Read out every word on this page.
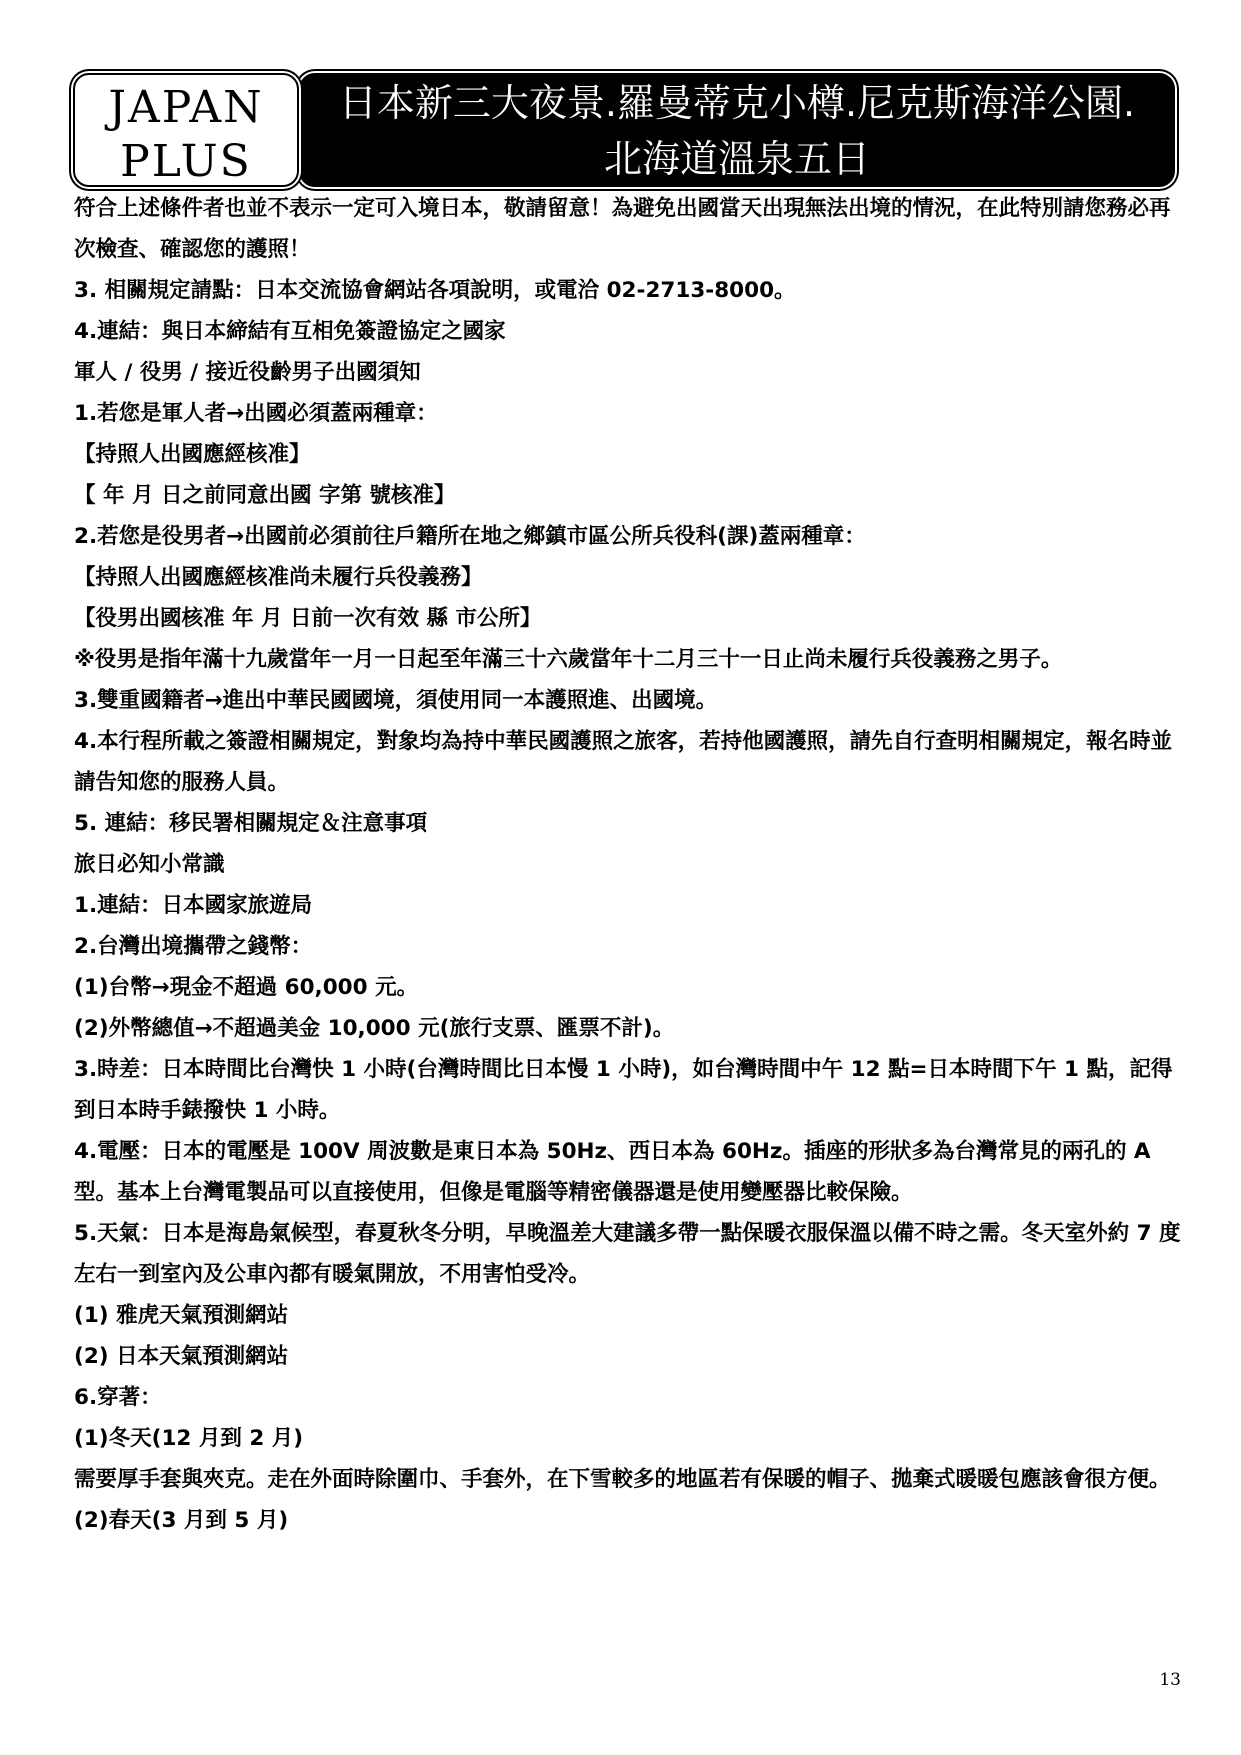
JAPAN
PLUS
日本新三大夜景.羅曼蒂克小樽.尼克斯海洋公園.
北海道溫泉五日

符合上述條件者也並不表示一定可入境日本，敬請留意！為避免出國當天出現無法出境的情況，在此特別請您務必再次檢查、確認您的護照！

3. 相關規定請點：日本交流協會網站各項說明，或電洽 02-2713-8000。

4.連結：與日本締結有互相免簽證協定之國家

軍人 / 役男 / 接近役齡男子出國須知

1.若您是軍人者→出國必須蓋兩種章：

【持照人出國應經核准】

【 年 月 日之前同意出國 字第 號核准】

2.若您是役男者→出國前必須前往戶籍所在地之鄉鎮市區公所兵役科(課)蓋兩種章：

【持照人出國應經核准尚未履行兵役義務】

【役男出國核准 年 月 日前一次有效 縣 市公所】

※役男是指年滿十九歲當年一月一日起至年滿三十六歲當年十二月三十一日止尚未履行兵役義務之男子。

3.雙重國籍者→進出中華民國國境，須使用同一本護照進、出國境。

4.本行程所載之簽證相關規定，對象均為持中華民國護照之旅客，若持他國護照，請先自行查明相關規定，報名時並請告知您的服務人員。

5. 連結：移民署相關規定＆注意事項

旅日必知小常識

1.連結：日本國家旅遊局

2.台灣出境攜帶之錢幣：

(1)台幣→現金不超過 60,000 元。

(2)外幣總值→不超過美金 10,000 元(旅行支票、匯票不計)。

3.時差：日本時間比台灣快 1 小時(台灣時間比日本慢 1 小時)，如台灣時間中午 12 點=日本時間下午 1 點，記得到日本時手錶撥快 1 小時。

4.電壓：日本的電壓是 100V 周波數是東日本為 50Hz、西日本為 60Hz。插座的形狀多為台灣常見的兩孔的 A 型。基本上台灣電製品可以直接使用，但像是電腦等精密儀器還是使用變壓器比較保險。

5.天氣：日本是海島氣候型，春夏秋冬分明，早晚溫差大建議多帶一點保暖衣服保溫以備不時之需。冬天室外約 7 度左右一到室內及公車內都有暖氣開放，不用害怕受冷。

(1) 雅虎天氣預測網站

(2) 日本天氣預測網站

6.穿著：

(1)冬天(12 月到 2 月)

需要厚手套與夾克。走在外面時除圍巾、手套外，在下雪較多的地區若有保暖的帽子、拋棄式暖暖包應該會很方便。

(2)春天(3 月到 5 月)

13
